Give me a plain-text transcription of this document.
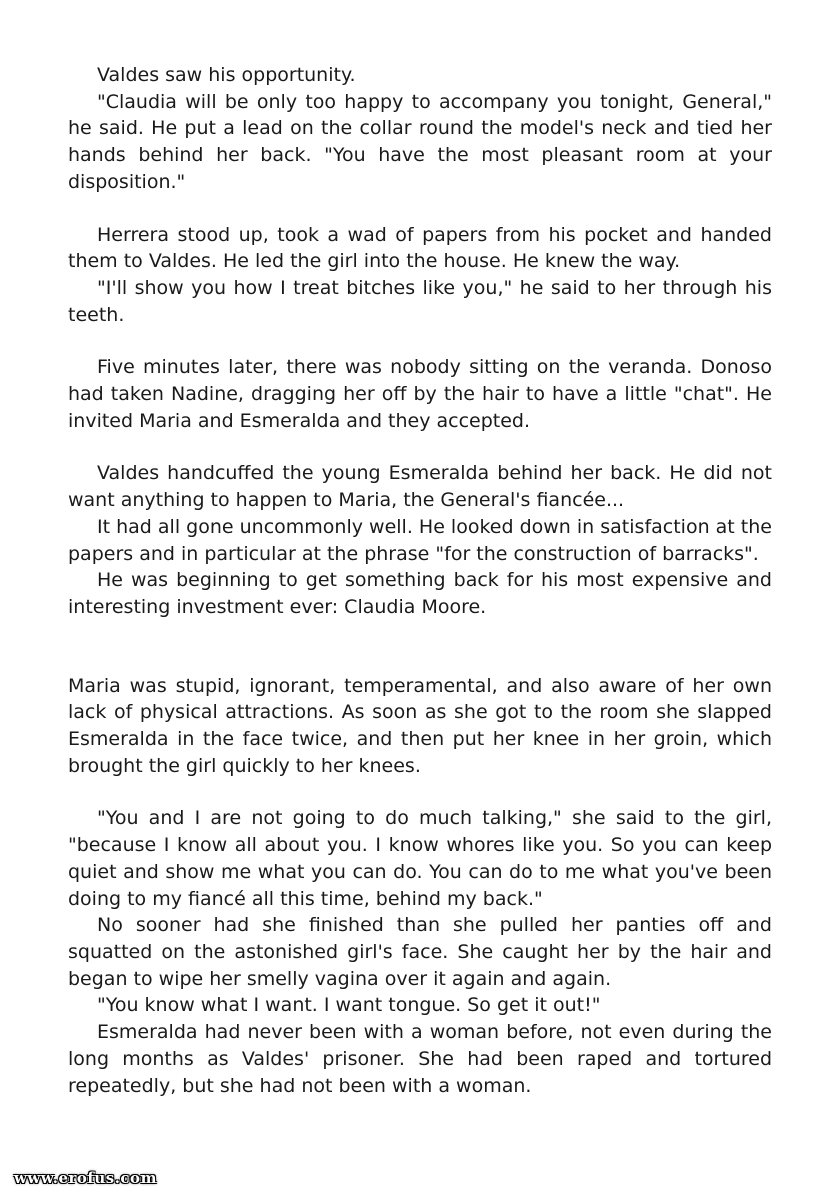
Valdes saw his opportunity.

"Claudia will be only too happy to accompany you tonight, General," he said. He put a lead on the collar round the model's neck and tied her hands behind her back. "You have the most pleasant room at your disposition."

Herrera stood up, took a wad of papers from his pocket and handed them to Valdes. He led the girl into the house. He knew the way.

"I'll show you how I treat bitches like you," he said to her through his teeth.

Five minutes later, there was nobody sitting on the veranda. Donoso had taken Nadine, dragging her off by the hair to have a little "chat". He invited Maria and Esmeralda and they accepted.

Valdes handcuffed the young Esmeralda behind her back. He did not want anything to happen to Maria, the General's fiancée...

It had all gone uncommonly well. He looked down in satisfaction at the papers and in particular at the phrase "for the construction of barracks".

He was beginning to get something back for his most expensive and interesting investment ever: Claudia Moore.

Maria was stupid, ignorant, temperamental, and also aware of her own lack of physical attractions. As soon as she got to the room she slapped Esmeralda in the face twice, and then put her knee in her groin, which brought the girl quickly to her knees.

"You and I are not going to do much talking," she said to the girl, "because I know all about you. I know whores like you. So you can keep quiet and show me what you can do. You can do to me what you've been doing to my fiancé all this time, behind my back."

No sooner had she finished than she pulled her panties off and squatted on the astonished girl's face. She caught her by the hair and began to wipe her smelly vagina over it again and again.

"You know what I want. I want tongue. So get it out!"

Esmeralda had never been with a woman before, not even during the long months as Valdes' prisoner. She had been raped and tortured repeatedly, but she had not been with a woman.

www.erofus.com
